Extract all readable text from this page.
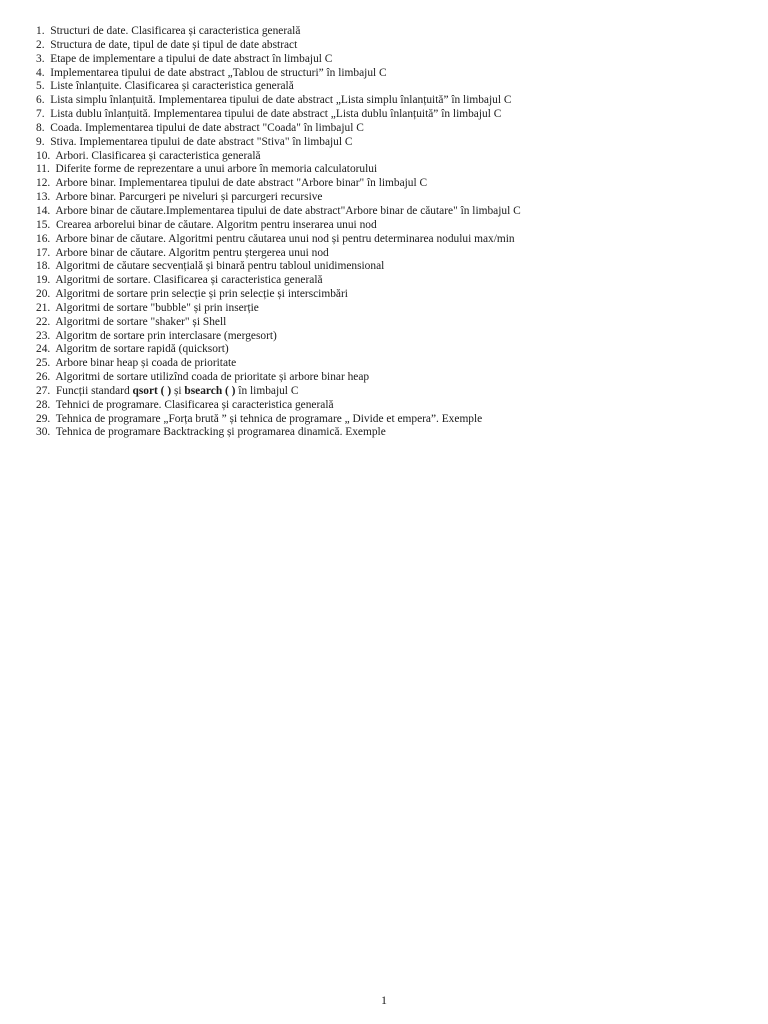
1. Structuri de date. Clasificarea și caracteristica generală
2. Structura de date, tipul de date și tipul de date abstract
3. Etape de implementare a tipului de date abstract în limbajul C
4. Implementarea tipului de date abstract „Tablou de structuri” în limbajul C
5. Liste înlanțuite. Clasificarea și caracteristica generală
6. Lista simplu înlanțuită. Implementarea tipului de date abstract „Lista simplu înlanțuită” în limbajul C
7. Lista dublu înlanțuită. Implementarea tipului de date abstract „Lista dublu înlanțuită” în limbajul C
8. Coada. Implementarea tipului de date abstract "Coada" în limbajul C
9. Stiva. Implementarea tipului de date abstract "Stiva" în limbajul C
10. Arbori. Clasificarea și caracteristica generală
11. Diferite forme de reprezentare a unui arbore în memoria calculatorului
12. Arbore binar. Implementarea tipului de date abstract "Arbore binar" în limbajul C
13. Arbore binar. Parcurgeri pe niveluri și parcurgeri recursive
14. Arbore binar de căutare.Implementarea tipului de date abstract"Arbore binar de căutare" în limbajul C
15. Crearea arborelui binar de căutare. Algoritm pentru inserarea unui nod
16. Arbore binar de căutare. Algoritmi pentru căutarea unui nod și pentru determinarea nodului max/min
17. Arbore binar de căutare. Algoritm pentru ștergerea unui nod
18. Algoritmi de căutare secvențială și binară pentru tabloul unidimensional
19. Algoritmi de sortare. Clasificarea și caracteristica generală
20. Algoritmi de sortare prin selecție și prin selecție și interscimbări
21. Algoritmi de sortare "bubble" și prin inserție
22. Algoritmi de sortare "shaker" și Shell
23. Algoritm de sortare prin interclasare (mergesort)
24. Algoritm de sortare rapidă (quicksort)
25. Arbore binar heap și coada de prioritate
26. Algoritmi de sortare utilizînd coada de prioritate și arbore binar heap
27. Funcții standard qsort ( ) și bsearch ( ) în limbajul C
28. Tehnici de programare. Clasificarea și caracteristica generală
29. Tehnica de programare „Forța brută ” și tehnica de programare „ Divide et empera”. Exemple
30. Tehnica de programare Backtracking și programarea dinamică. Exemple
1
